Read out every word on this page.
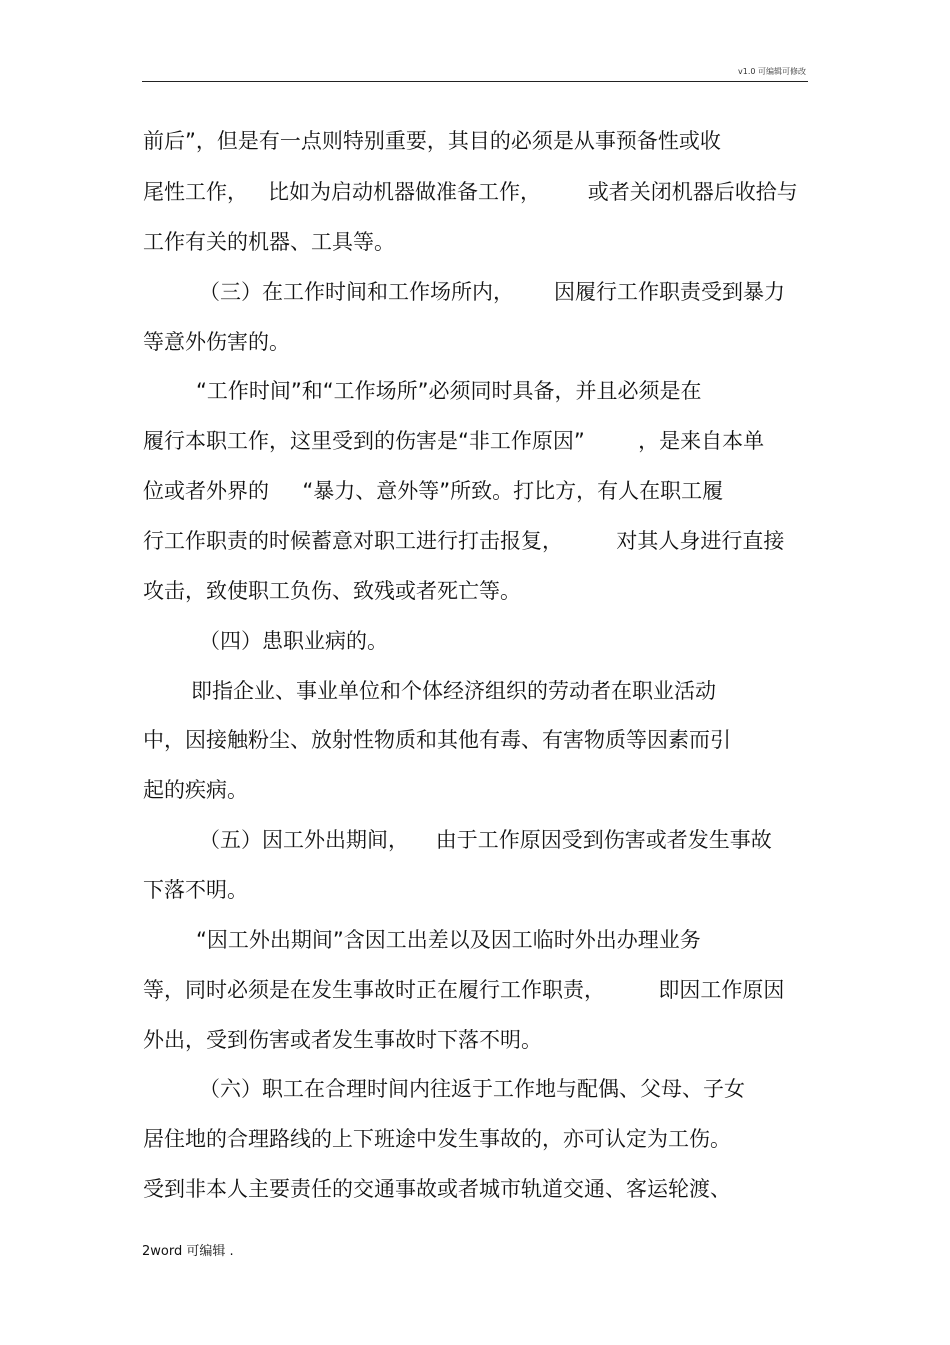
v1.0 可编辑可修改
前后”，但是有一点则特别重要，其目的必须是从事预备性或收
尾性工作，   比如为启动机器做准备工作，       或者关闭机器后收拾与
工作有关的机器、工具等。
（三）在工作时间和工作场所内，      因履行工作职责受到暴力
等意外伤害的。
“工作时间”和“工作场所”必须同时具备，并且必须是在
履行本职工作，这里受到的伤害是“非工作原因”        ，是来自本单
位或者外界的     “暴力、意外等”所致。打比方，有人在职工履
行工作职责的时候蓄意对职工进行打击报复，        对其人身进行直接
攻击，致使职工负伤、致残或者死亡等。
（四）患职业病的。
即指企业、事业单位和个体经济组织的劳动者在职业活动
中，因接触粉尘、放射性物质和其他有毒、有害物质等因素而引
起的疾病。
（五）因工外出期间，    由于工作原因受到伤害或者发生事故
下落不明。
“因工外出期间”含因工出差以及因工临时外出办理业务
等，同时必须是在发生事故时正在履行工作职责，        即因工作原因
外出，受到伤害或者发生事故时下落不明。
（六）职工在合理时间内往返于工作地与配偶、父母、子女
居住地的合理路线的上下班途中发生事故的，亦可认定为工伤。
受到非本人主要责任的交通事故或者城市轨道交通、客运轮渡、
2word 可编辑 .
